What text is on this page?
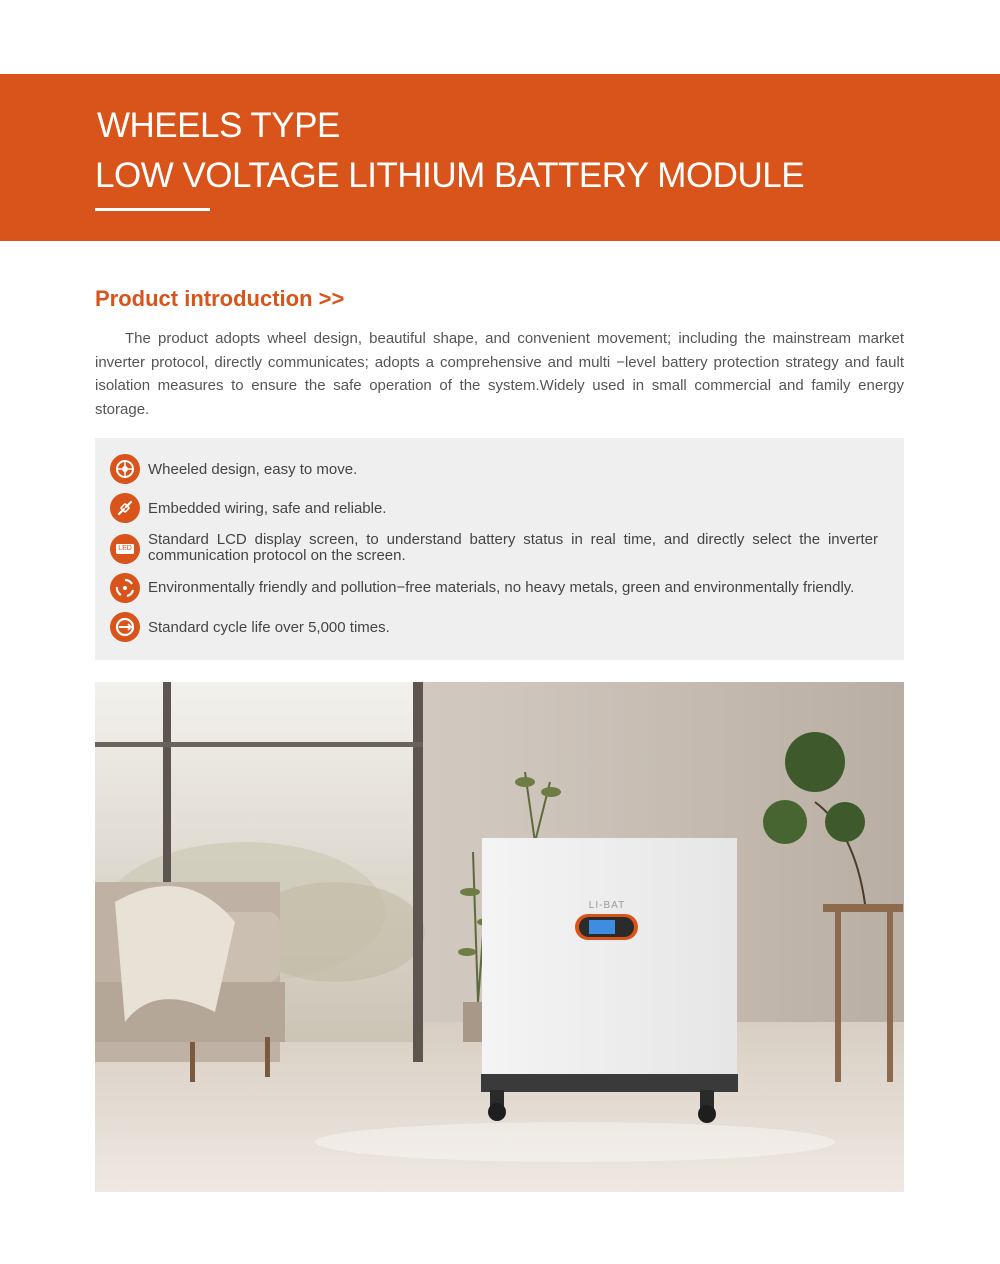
WHEELS TYPE
LOW VOLTAGE LITHIUM BATTERY MODULE
Product introduction >>

The product adopts wheel design, beautiful shape, and convenient movement; including the mainstream market inverter protocol, directly communicates; adopts a comprehensive and multi −level battery protection strategy and fault isolation measures to ensure the safe operation of the system.Widely used in small commercial and family energy storage.

Wheeled design, easy to move.
Embedded wiring, safe and reliable.
LED
Standard LCD display screen, to understand battery status in real time, and directly select the inverter communication protocol on the screen.
Environmentally friendly and pollution−free materials, no heavy metals, green and environmentally friendly.
Standard cycle life over 5,000 times.
LI-BAT
